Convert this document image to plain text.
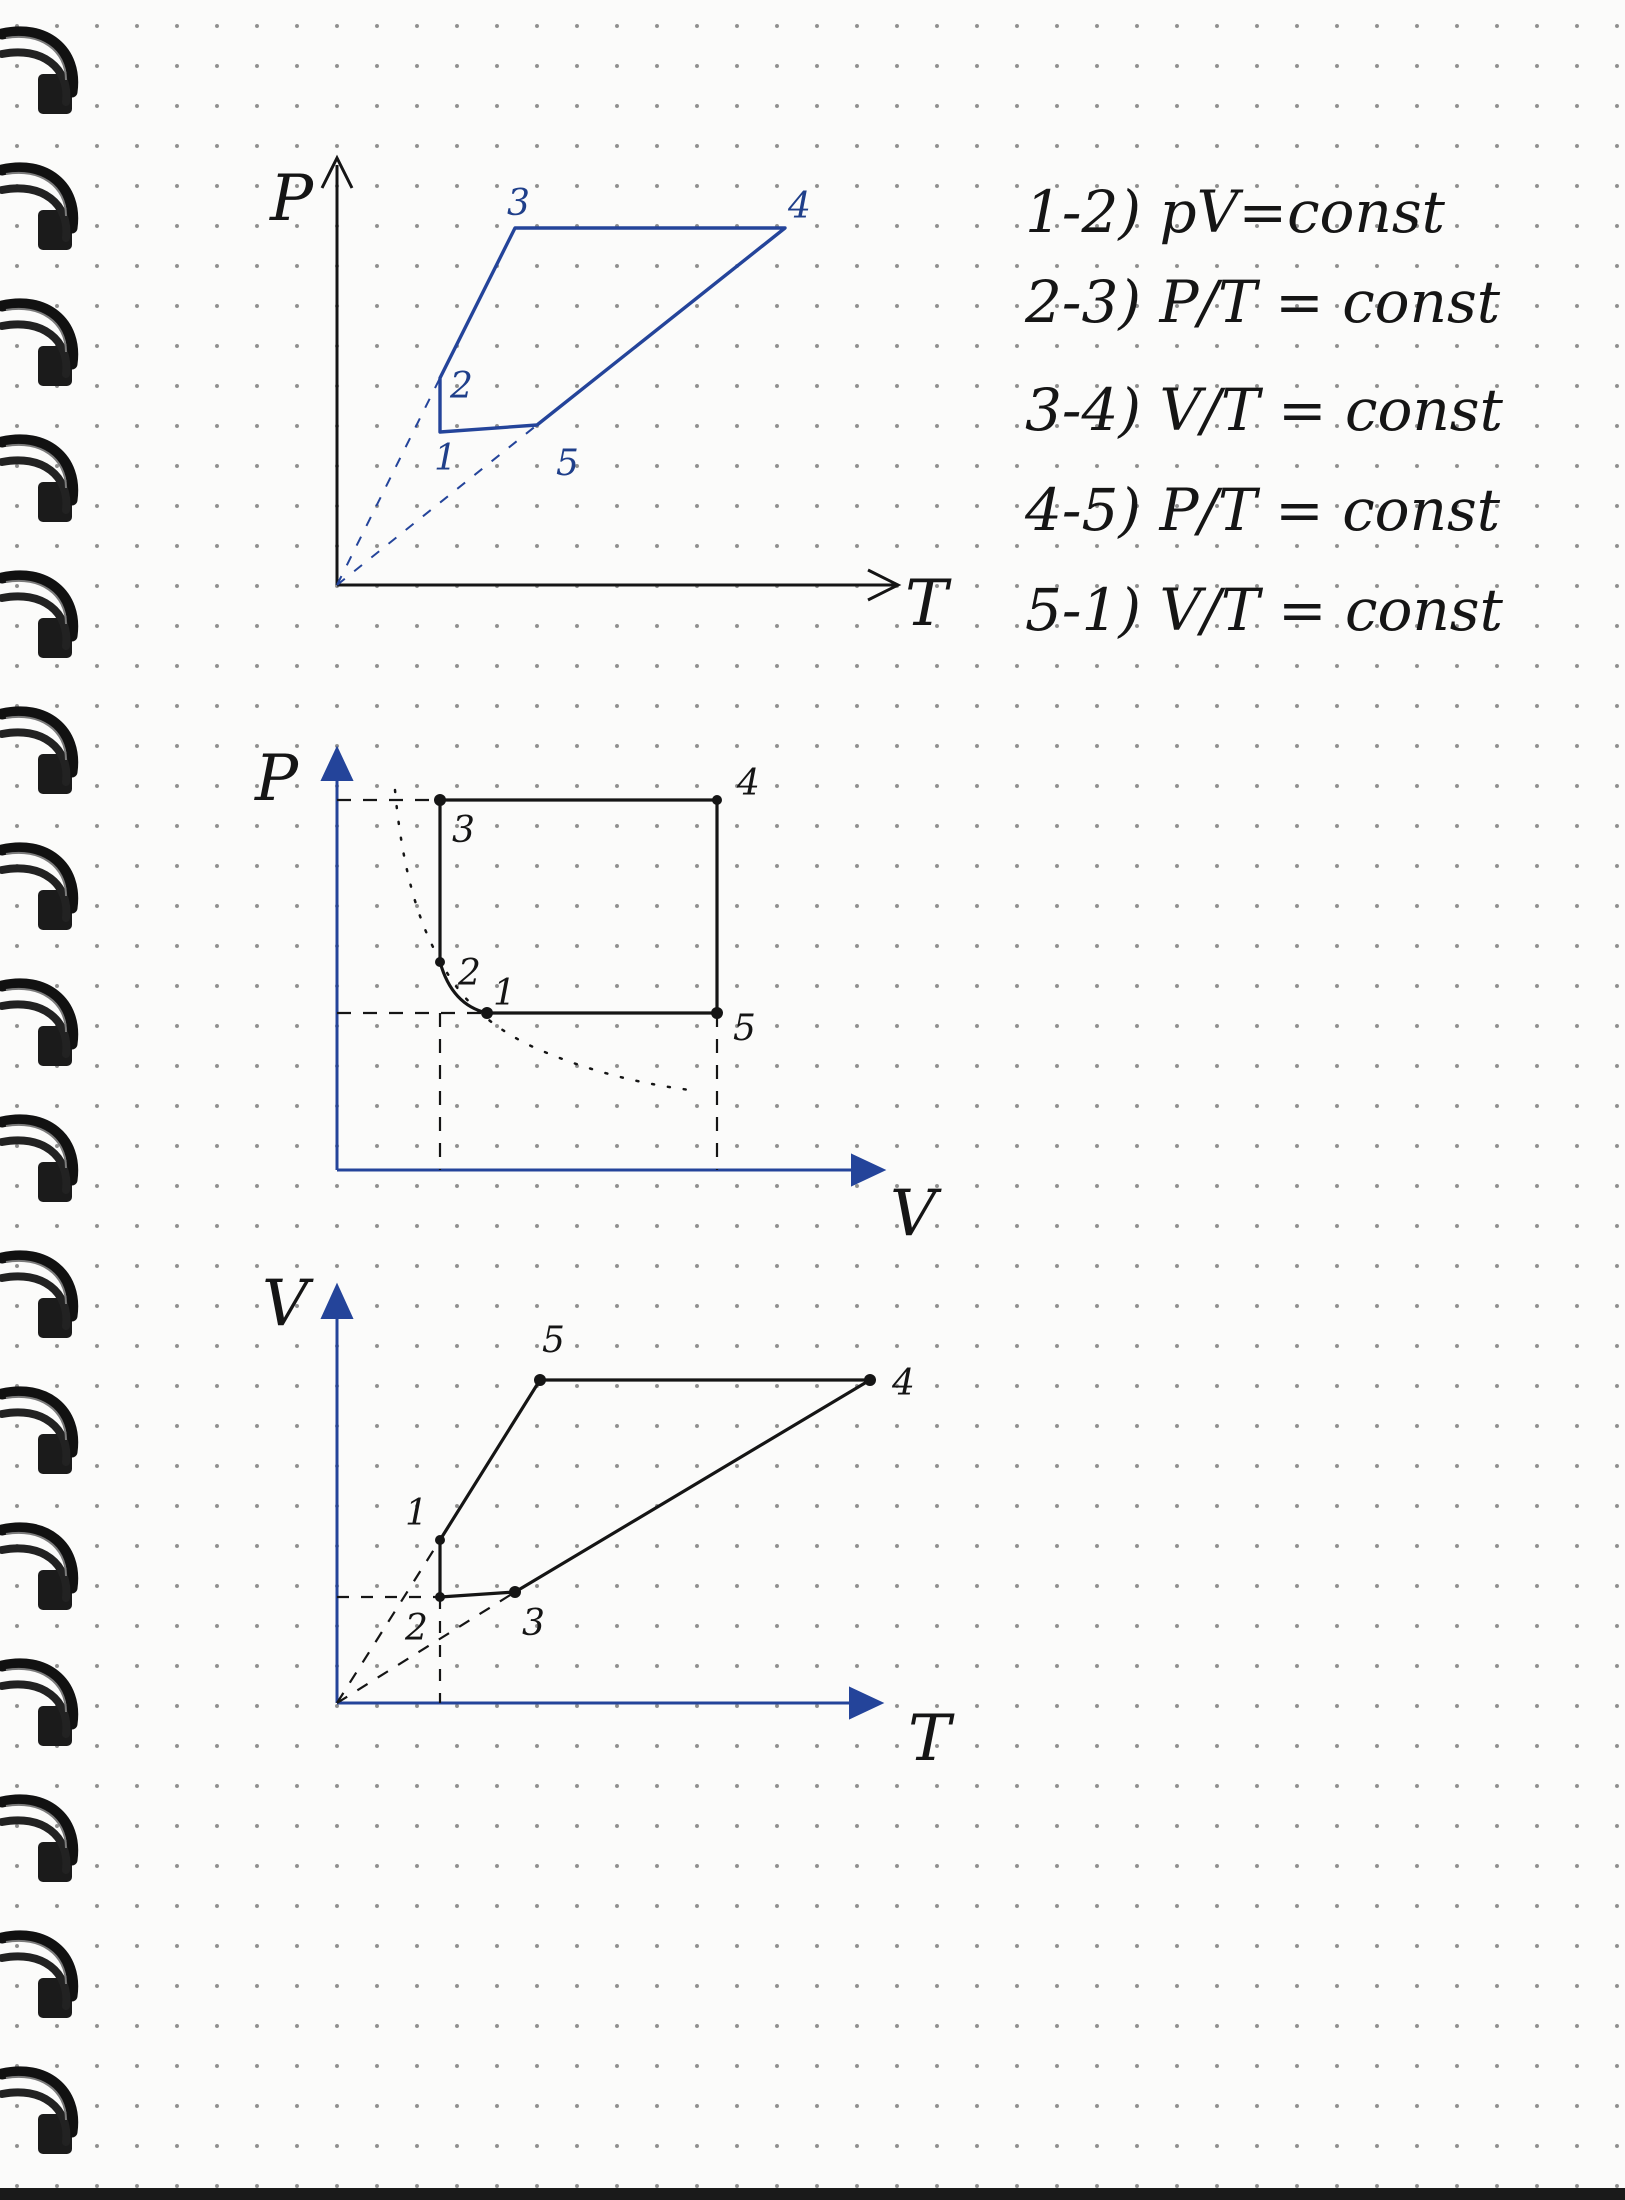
P
T
1
2
3	4
5
P
V
1
2
3
4
5
V
T
1
2	3
4
5
1-2) pV=const
2-3) P/T = const
3-4) V/T = const
4-5) P/T = const
5-1) V/T = const
